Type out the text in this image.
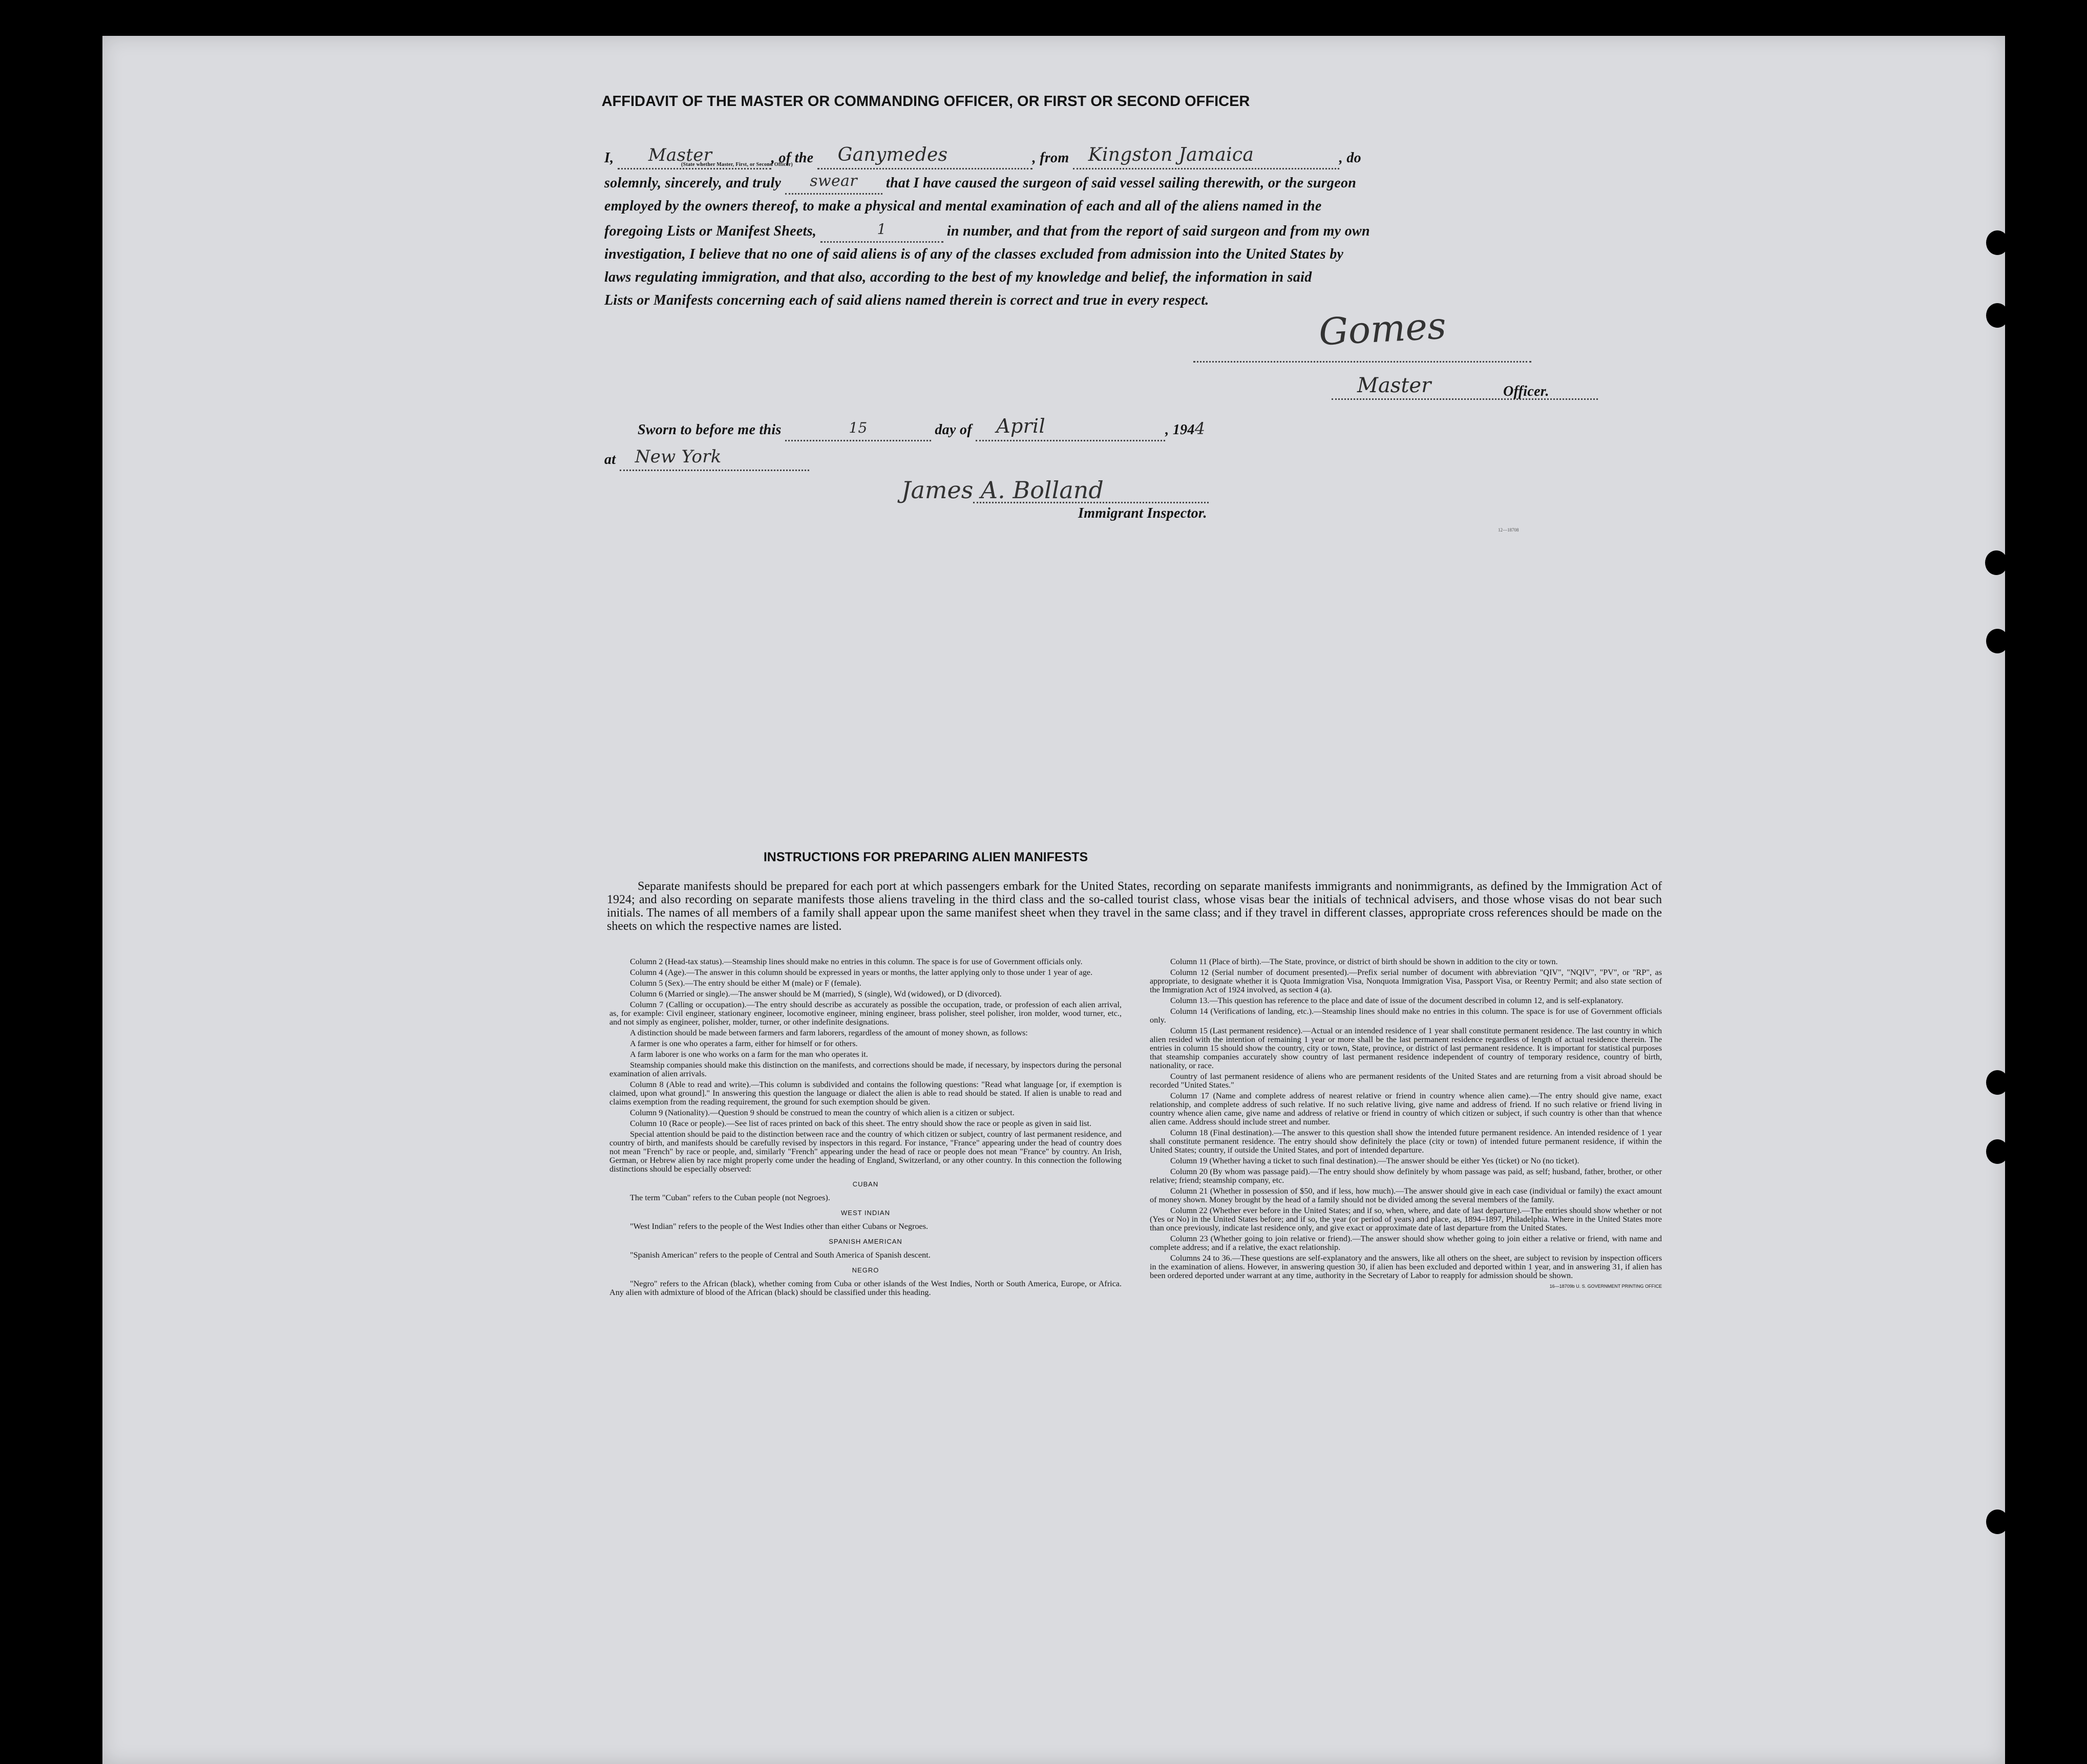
AFFIDAVIT OF THE MASTER OR COMMANDING OFFICER, OR FIRST OR SECOND OFFICER

I, Master	, of the Ganymedes	, from Kingston Jamaica	, do

(State whether Master, First, or Second Officer)

solemnly, sincerely, and truly swear that I have caused the surgeon of said vessel sailing therewith, or the surgeon

employed by the owners thereof, to make a physical and mental examination of each and all of the aliens named in the

foregoing Lists or Manifest Sheets,	1	in number, and that from the report of said surgeon and from my own

investigation, I believe that no one of said aliens is of any of the classes excluded from admission into the United States by

laws regulating immigration, and that also, according to the best of my knowledge and belief, the information in said

Lists or Manifests concerning each of said aliens named therein is correct and true in every respect.

Gomes
Master	Officer.
Sworn to before me this	15	day of April	, 1944
at New York
James A. Bolland
Immigrant Inspector.
12—18708
INSTRUCTIONS FOR PREPARING ALIEN MANIFESTS

Separate manifests should be prepared for each port at which passengers embark for the United States, recording on separate manifests immigrants and nonimmigrants, as defined by the Immigration Act of 1924; and also recording on separate manifests those aliens traveling in the third class and the so-called tourist class, whose visas bear the initials of technical advisers, and those whose visas do not bear such initials. The names of all members of a family shall appear upon the same manifest sheet when they travel in the same class; and if they travel in different classes, appropriate cross references should be made on the sheets on which the respective names are listed.

Column 2 (Head-tax status).—Steamship lines should make no entries in this column. The space is for use of Government officials only.

Column 4 (Age).—The answer in this column should be expressed in years or months, the latter applying only to those under 1 year of age.

Column 5 (Sex).—The entry should be either M (male) or F (female).

Column 6 (Married or single).—The answer should be M (married), S (single), Wd (widowed), or D (divorced).

Column 7 (Calling or occupation).—The entry should describe as accurately as possible the occupation, trade, or profession of each alien arrival, as, for example: Civil engineer, stationary engineer, locomotive engineer, mining engineer, brass polisher, steel polisher, iron molder, wood turner, etc., and not simply as engineer, polisher, molder, turner, or other indefinite designations.

A distinction should be made between farmers and farm laborers, regardless of the amount of money shown, as follows:

A farmer is one who operates a farm, either for himself or for others.

A farm laborer is one who works on a farm for the man who operates it.

Steamship companies should make this distinction on the manifests, and corrections should be made, if necessary, by inspectors during the personal examination of alien arrivals.

Column 8 (Able to read and write).—This column is subdivided and contains the following questions: "Read what language [or, if exemption is claimed, upon what ground]." In answering this question the language or dialect the alien is able to read should be stated. If alien is unable to read and claims exemption from the reading requirement, the ground for such exemption should be given.

Column 9 (Nationality).—Question 9 should be construed to mean the country of which alien is a citizen or subject.

Column 10 (Race or people).—See list of races printed on back of this sheet. The entry should show the race or people as given in said list.

Special attention should be paid to the distinction between race and the country of which citizen or subject, country of last permanent residence, and country of birth, and manifests should be carefully revised by inspectors in this regard. For instance, "France" appearing under the head of country does not mean "French" by race or people, and, similarly "French" appearing under the head of race or people does not mean "France" by country. An Irish, German, or Hebrew alien by race might properly come under the heading of England, Switzerland, or any other country. In this connection the following distinctions should be especially observed:

CUBAN

The term "Cuban" refers to the Cuban people (not Negroes).

WEST INDIAN

"West Indian" refers to the people of the West Indies other than either Cubans or Negroes.

SPANISH AMERICAN

"Spanish American" refers to the people of Central and South America of Spanish descent.

NEGRO

"Negro" refers to the African (black), whether coming from Cuba or other islands of the West Indies, North or South America, Europe, or Africa. Any alien with admixture of blood of the African (black) should be classified under this heading.

Column 11 (Place of birth).—The State, province, or district of birth should be shown in addition to the city or town.

Column 12 (Serial number of document presented).—Prefix serial number of document with abbreviation "QIV", "NQIV", "PV", or "RP", as appropriate, to designate whether it is Quota Immigration Visa, Nonquota Immigration Visa, Passport Visa, or Reentry Permit; and also state section of the Immigration Act of 1924 involved, as section 4 (a).

Column 13.—This question has reference to the place and date of issue of the document described in column 12, and is self-explanatory.

Column 14 (Verifications of landing, etc.).—Steamship lines should make no entries in this column. The space is for use of Government officials only.

Column 15 (Last permanent residence).—Actual or an intended residence of 1 year shall constitute permanent residence. The last country in which alien resided with the intention of remaining 1 year or more shall be the last permanent residence regardless of length of actual residence therein. The entries in column 15 should show the country, city or town, State, province, or district of last permanent residence. It is important for statistical purposes that steamship companies accurately show country of last permanent residence independent of country of temporary residence, country of birth, nationality, or race.

Country of last permanent residence of aliens who are permanent residents of the United States and are returning from a visit abroad should be recorded "United States."

Column 17 (Name and complete address of nearest relative or friend in country whence alien came).—The entry should give name, exact relationship, and complete address of such relative. If no such relative living, give name and address of friend. If no such relative or friend living in country whence alien came, give name and address of relative or friend in country of which citizen or subject, if such country is other than that whence alien came. Address should include street and number.

Column 18 (Final destination).—The answer to this question shall show the intended future permanent residence. An intended residence of 1 year shall constitute permanent residence. The entry should show definitely the place (city or town) of intended future permanent residence, if within the United States; country, if outside the United States, and port of intended departure.

Column 19 (Whether having a ticket to such final destination).—The answer should be either Yes (ticket) or No (no ticket).

Column 20 (By whom was passage paid).—The entry should show definitely by whom passage was paid, as self; husband, father, brother, or other relative; friend; steamship company, etc.

Column 21 (Whether in possession of $50, and if less, how much).—The answer should give in each case (individual or family) the exact amount of money shown. Money brought by the head of a family should not be divided among the several members of the family.

Column 22 (Whether ever before in the United States; and if so, when, where, and date of last departure).—The entries should show whether or not (Yes or No) in the United States before; and if so, the year (or period of years) and place, as, 1894–1897, Philadelphia. Where in the United States more than once previously, indicate last residence only, and give exact or approximate date of last departure from the United States.

Column 23 (Whether going to join relative or friend).—The answer should show whether going to join either a relative or friend, with name and complete address; and if a relative, the exact relationship.

Columns 24 to 36.—These questions are self-explanatory and the answers, like all others on the sheet, are subject to revision by inspection officers in the examination of aliens. However, in answering question 30, if alien has been excluded and deported within 1 year, and in answering 31, if alien has been ordered deported under warrant at any time, authority in the Secretary of Labor to reapply for admission should be shown.

16—18709b U. S. GOVERNMENT PRINTING OFFICE
